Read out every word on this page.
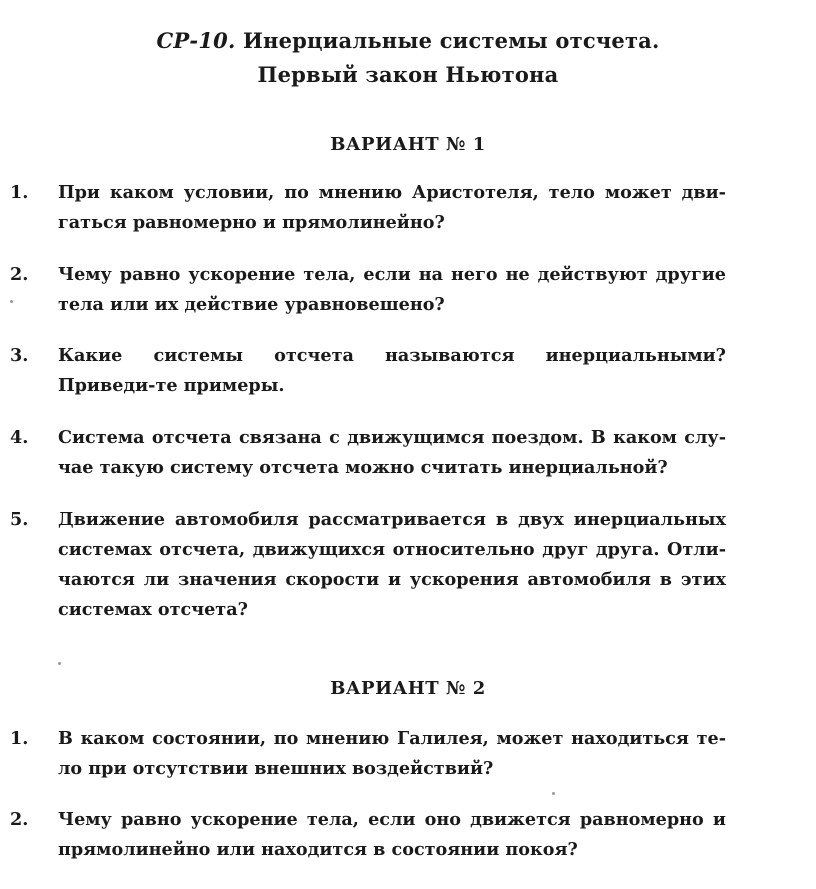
СР-10. Инерциальные системы отсчета.
Первый закон Ньютона
ВАРИАНТ № 1
1.	При каком условии, по мнению Аристотеля, тело может дви-гаться равномерно и прямолинейно?
2.	Чему равно ускорение тела, если на него не действуют другие тела или их действие уравновешено?
3.	Какие системы отсчета называются инерциальными? Приведи-те примеры.
4.	Система отсчета связана с движущимся поездом. В каком слу-чае такую систему отсчета можно считать инерциальной?
5.	Движение автомобиля рассматривается в двух инерциальных системах отсчета, движущихся относительно друг друга. Отли-чаются ли значения скорости и ускорения автомобиля в этих системах отсчета?
ВАРИАНТ № 2
1.	В каком состоянии, по мнению Галилея, может находиться те-ло при отсутствии внешних воздействий?
2.	Чему равно ускорение тела, если оно движется равномерно и прямолинейно или находится в состоянии покоя?
